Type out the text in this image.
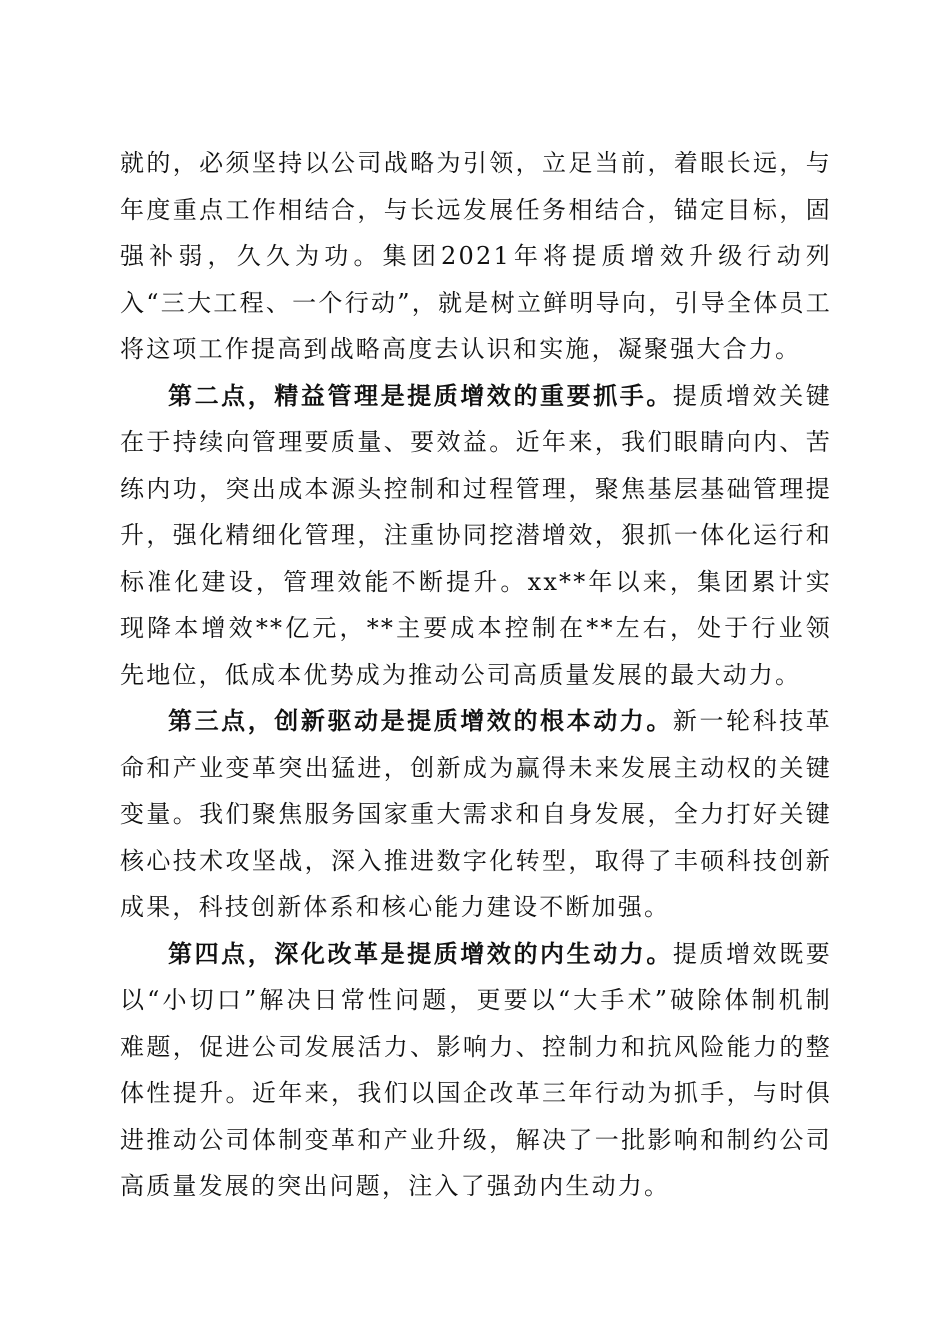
就的，必须坚持以公司战略为引领，立足当前，着眼长远，与年度重点工作相结合，与长远发展任务相结合，锚定目标，固强补弱，久久为功。集团2021年将提质增效升级行动列入“三大工程、一个行动”，就是树立鲜明导向，引导全体员工将这项工作提高到战略高度去认识和实施，凝聚强大合力。

第二点，精益管理是提质增效的重要抓手。提质增效关键在于持续向管理要质量、要效益。近年来，我们眼睛向内、苦练内功，突出成本源头控制和过程管理，聚焦基层基础管理提升，强化精细化管理，注重协同挖潜增效，狠抓一体化运行和标准化建设，管理效能不断提升。xx**年以来，集团累计实现降本增效**亿元，**主要成本控制在**左右，处于行业领先地位，低成本优势成为推动公司高质量发展的最大动力。

第三点，创新驱动是提质增效的根本动力。新一轮科技革命和产业变革突出猛进，创新成为赢得未来发展主动权的关键变量。我们聚焦服务国家重大需求和自身发展，全力打好关键核心技术攻坚战，深入推进数字化转型，取得了丰硕科技创新成果，科技创新体系和核心能力建设不断加强。

第四点，深化改革是提质增效的内生动力。提质增效既要以“小切口”解决日常性问题，更要以“大手术”破除体制机制难题，促进公司发展活力、影响力、控制力和抗风险能力的整体性提升。近年来，我们以国企改革三年行动为抓手，与时俱进推动公司体制变革和产业升级，解决了一批影响和制约公司高质量发展的突出问题，注入了强劲内生动力。
